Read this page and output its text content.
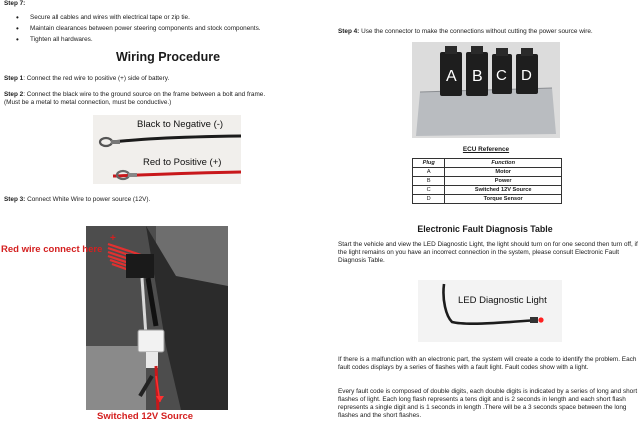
Step 7:
• Secure all cables and wires with electrical tape or zip tie.
• Maintain clearances between power steering components and stock components.
• Tighten all hardwares.
Wiring Procedure
Step 1: Connect the red wire to positive (+) side of battery.
Step 2: Connect the black wire to the ground source on the frame between a bolt and frame.
(Must be a metal to metal connection, must be conductive.)
Black to Negative (-)
Red to Positive (+)
Step 3: Connect White Wire to power source (12V).
+
Red wire connect here
Switched 12V Source
Step 4: Use the connector to make the connections without cutting the power source wire.
A B C D
ECU Reference
Plug	Function
A	Motor
B	Power
C	Switched 12V Source
D	Torque Sensor
Electronic Fault Diagnosis Table
Start the vehicle and view the LED Diagnostic Light, the light should turn on for one second then turn off, if the light remains on you have an incorrect connection in the system, please consult Electronic Fault Diagnosis Table.
LED Diagnostic Light
If there is a malfunction with an electronic part, the system will create a code to identify the problem. Each fault codes displays by a series of flashes with a fault light. Fault codes show with a light.
Every fault code is composed of double digits, each double digits is indicated by a series of long and short flashes of light. Each long flash represents a tens digit and is 2 seconds in length and each short flash represents a single digit and is 1 seconds in length .There will be a 3 seconds space between the long flashes and the short flashes.
